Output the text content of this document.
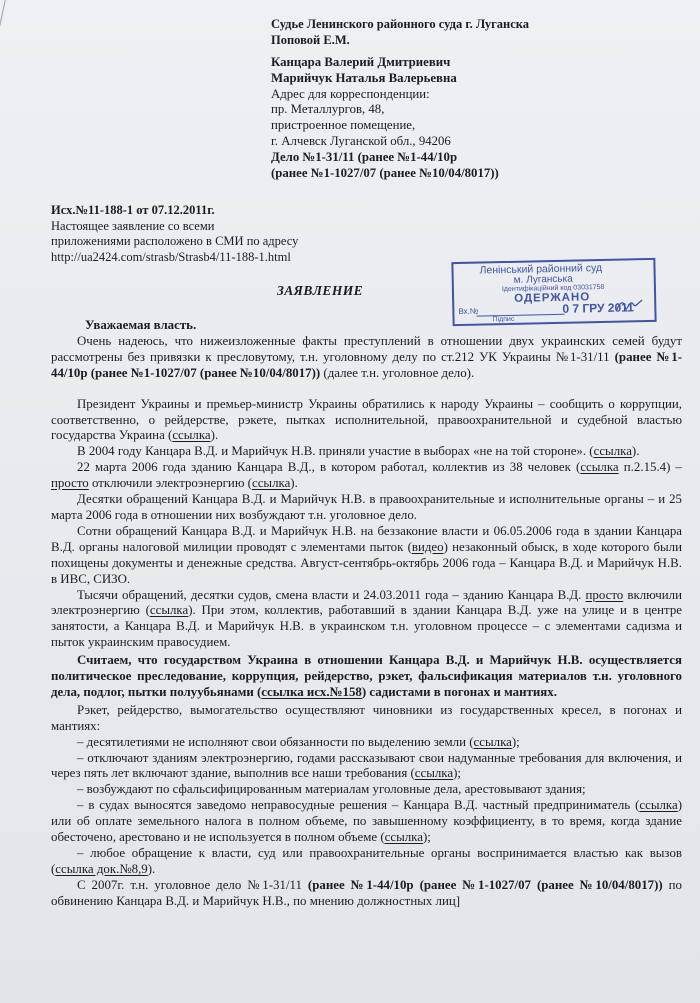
Судье Ленинского районного суда г. Луганска
Поповой Е.М.
Канцара Валерий Дмитриевич
Марийчук Наталья Валерьевна
Адрес для корреспонденции:
пр. Металлургов, 48,
пристроенное помещение,
г. Алчевск Луганской обл., 94206
Дело №1-31/11 (ранее №1-44/10р
(ранее №1-1027/07 (ранее №10/04/8017))
Исх.№11-188-1 от 07.12.2011г.
Настоящее заявление со всеми
приложениями расположено в СМИ по адресу
http://ua2424.com/strasb/Strasb4/11-188-1.html
Ленінський районний суд
м. Луганська
Ідентифікаційний код 03031758
ОДЕРЖАНО
Вх.№	0 7 ГРУ 2011
Підпис
ЗАЯВЛЕНИЕ

Уважаемая власть.

Очень надеюсь, что нижеизложенные факты преступлений в отношении двух украинских семей будут рассмотрены без привязки к пресловутому, т.н. уголовному делу по ст.212 УК Украины №1-31/11 (ранее №1-44/10р (ранее №1-1027/07 (ранее №10/04/8017)) (далее т.н. уголовное дело).

Президент Украины и премьер-министр Украины обратились к народу Украины – сообщить о коррупции, соответственно, о рейдерстве, рэкете, пытках исполнительной, правоохранительной и судебной властью государства Украина (ссылка).

В 2004 году Канцара В.Д. и Марийчук Н.В. приняли участие в выборах «не на той стороне». (ссылка).

22 марта 2006 года зданию Канцара В.Д., в котором работал, коллектив из 38 человек (ссылка п.2.15.4) – просто отключили электроэнергию (ссылка).

Десятки обращений Канцара В.Д. и Марийчук Н.В. в правоохранительные и исполнительные органы – и 25 марта 2006 года в отношении них возбуждают т.н. уголовное дело.

Сотни обращений Канцара В.Д. и Марийчук Н.В. на беззаконие власти и 06.05.2006 года в здании Канцара В.Д. органы налоговой милиции проводят с элементами пыток (видео) незаконный обыск, в ходе которого были похищены документы и денежные средства. Август-сентябрь-октябрь 2006 года – Канцара В.Д. и Марийчук Н.В. в ИВС, СИЗО.

Тысячи обращений, десятки судов, смена власти и 24.03.2011 года – зданию Канцара В.Д. просто включили электроэнергию (ссылка). При этом, коллектив, работавший в здании Канцара В.Д. уже на улице и в центре занятости, а Канцара В.Д. и Марийчук Н.В. в украинском т.н. уголовном процессе – с элементами садизма и пыток украинским правосудием.

Считаем, что государством Украина в отношении Канцара В.Д. и Марийчук Н.В. осуществляется политическое преследование, коррупция, рейдерство, рэкет, фальсификация материалов т.н. уголовного дела, подлог, пытки полуубьянами (ссылка исх.№158) садистами в погонах и мантиях.

Рэкет, рейдерство, вымогательство осуществляют чиновники из государственных кресел, в погонах и мантиях:

– десятилетиями не исполняют свои обязанности по выделению земли (ссылка);

– отключают зданиям электроэнергию, годами рассказывают свои надуманные требования для включения, и через пять лет включают здание, выполнив все наши требования (ссылка);

– возбуждают по сфальсифицированным материалам уголовные дела, арестовывают здания;

– в судах выносятся заведомо неправосудные решения – Канцара В.Д. частный предприниматель (ссылка) или об оплате земельного налога в полном объеме, по завышенному коэффициенту, в то время, когда здание обесточено, арестовано и не используется в полном объеме (ссылка);

– любое обращение к власти, суд или правоохранительные органы воспринимается властью как вызов (ссылка док.№8,9).

С 2007г. т.н. уголовное дело №1-31/11 (ранее №1-44/10р (ранее №1-1027/07 (ранее №10/04/8017)) по обвинению Канцара В.Д. и Марийчук Н.В., по мнению должностных лиц]
